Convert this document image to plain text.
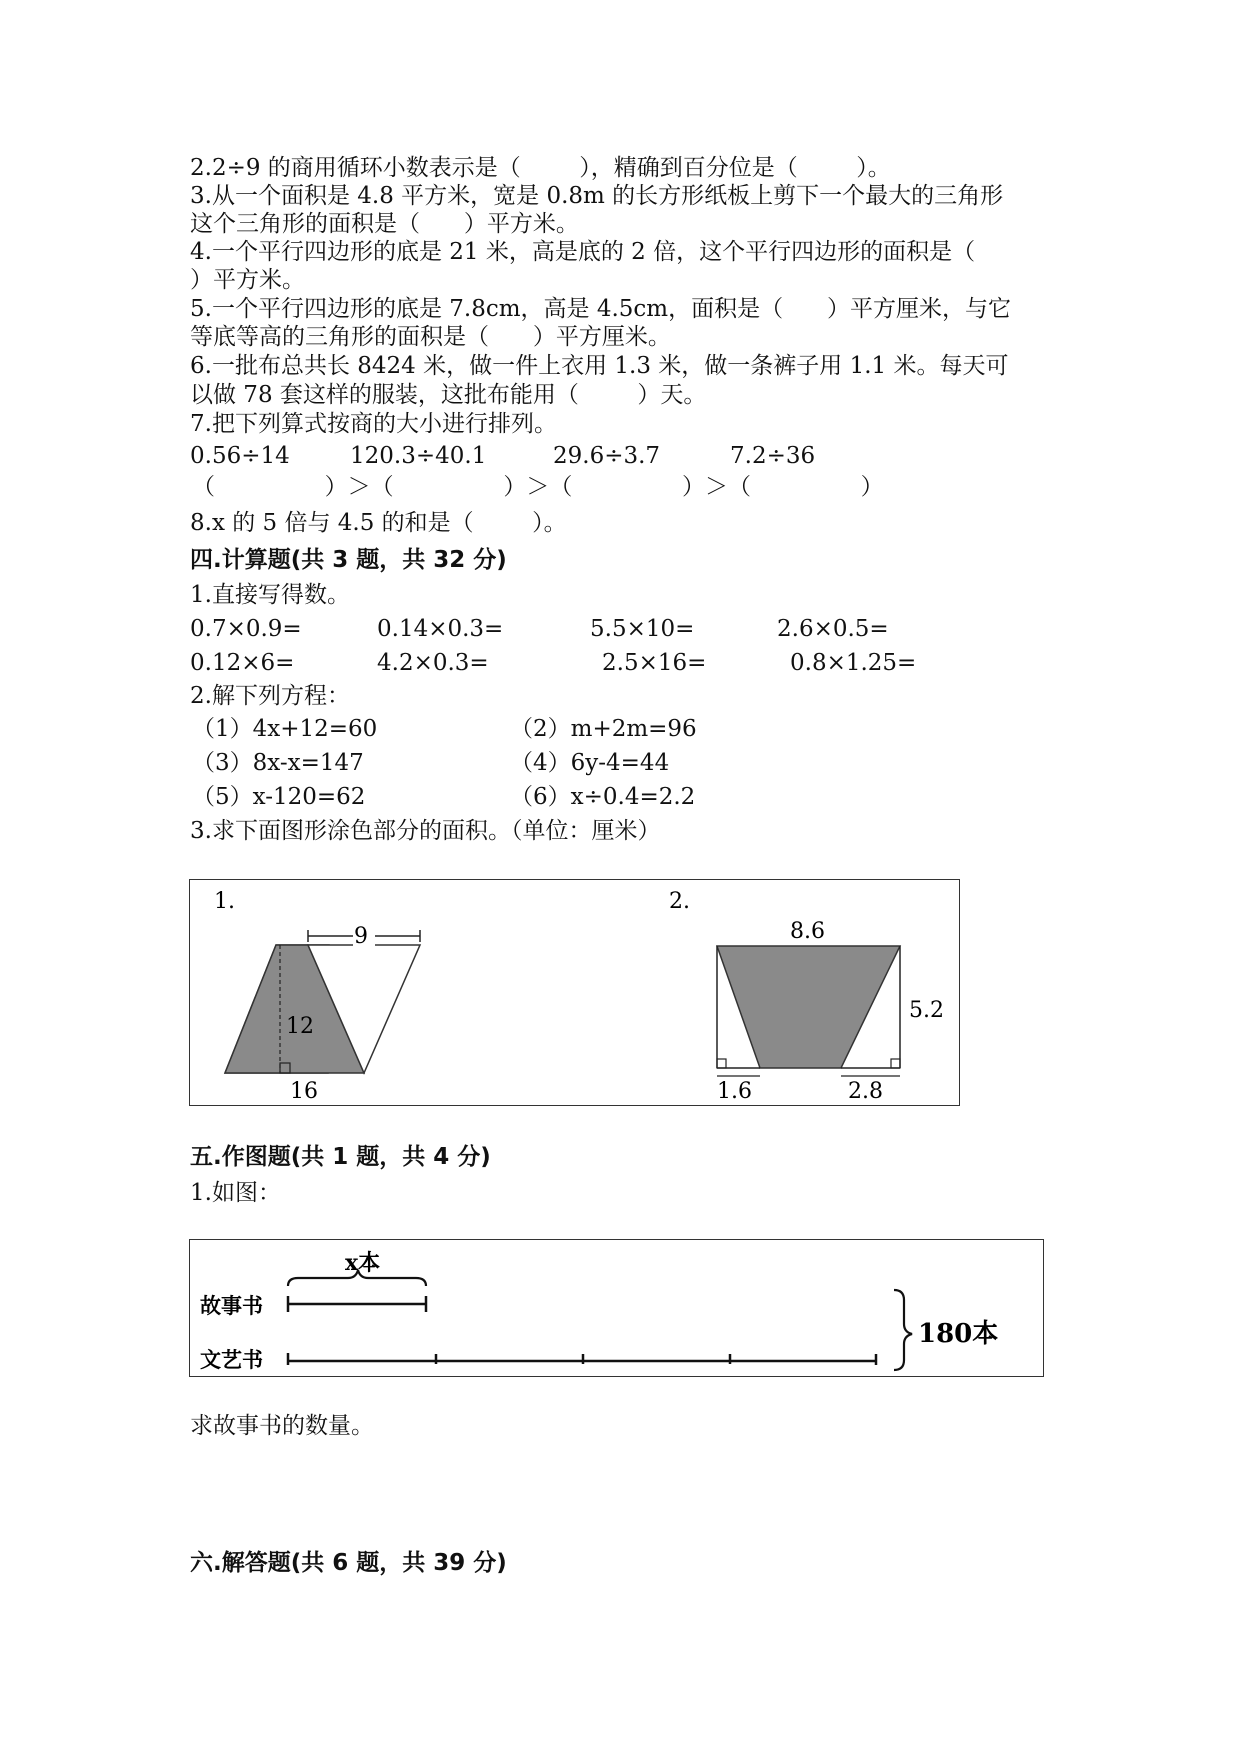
2.2÷9 的商用循环小数表示是（        ），精确到百分位是（        ）。
3.从一个面积是 4.8 平方米，宽是 0.8m 的长方形纸板上剪下一个最大的三角形
这个三角形的面积是（      ）平方米。
4.一个平行四边形的底是 21 米，高是底的 2 倍，这个平行四边形的面积是（
）平方米。
5.一个平行四边形的底是 7.8cm，高是 4.5cm，面积是（      ）平方厘米，与它
等底等高的三角形的面积是（      ）平方厘米。
6.一批布总共长 8424 米，做一件上衣用 1.3 米，做一条裤子用 1.1 米。每天可
以做 78 套这样的服装，这批布能用（        ）天。
7.把下列算式按商的大小进行排列。
0.56÷14	120.3÷40.1	29.6÷3.7	7.2÷36
（               ）＞（               ）＞（               ）＞（               ）
8.x 的 5 倍与 4.5 的和是（        ）。
四.计算题(共 3 题，共 32 分)
1.直接写得数。
0.7×0.9=	0.14×0.3=	5.5×10=	2.6×0.5=
0.12×6=	4.2×0.3=	2.5×16=	0.8×1.25=
2.解下列方程：
（1）4x+12=60	（2）m+2m=96
（3）8x-x=147	（4）6y-4=44
（5）x-120=62	（6）x÷0.4=2.2
3.求下面图形涂色部分的面积。（单位：厘米）
1.
9
12
16
2.
8.6
5.2
1.6	2.8
五.作图题(共 1 题，共 4 分)
1.如图：
x本
故事书
文艺书
180本
求故事书的数量。
六.解答题(共 6 题，共 39 分)
